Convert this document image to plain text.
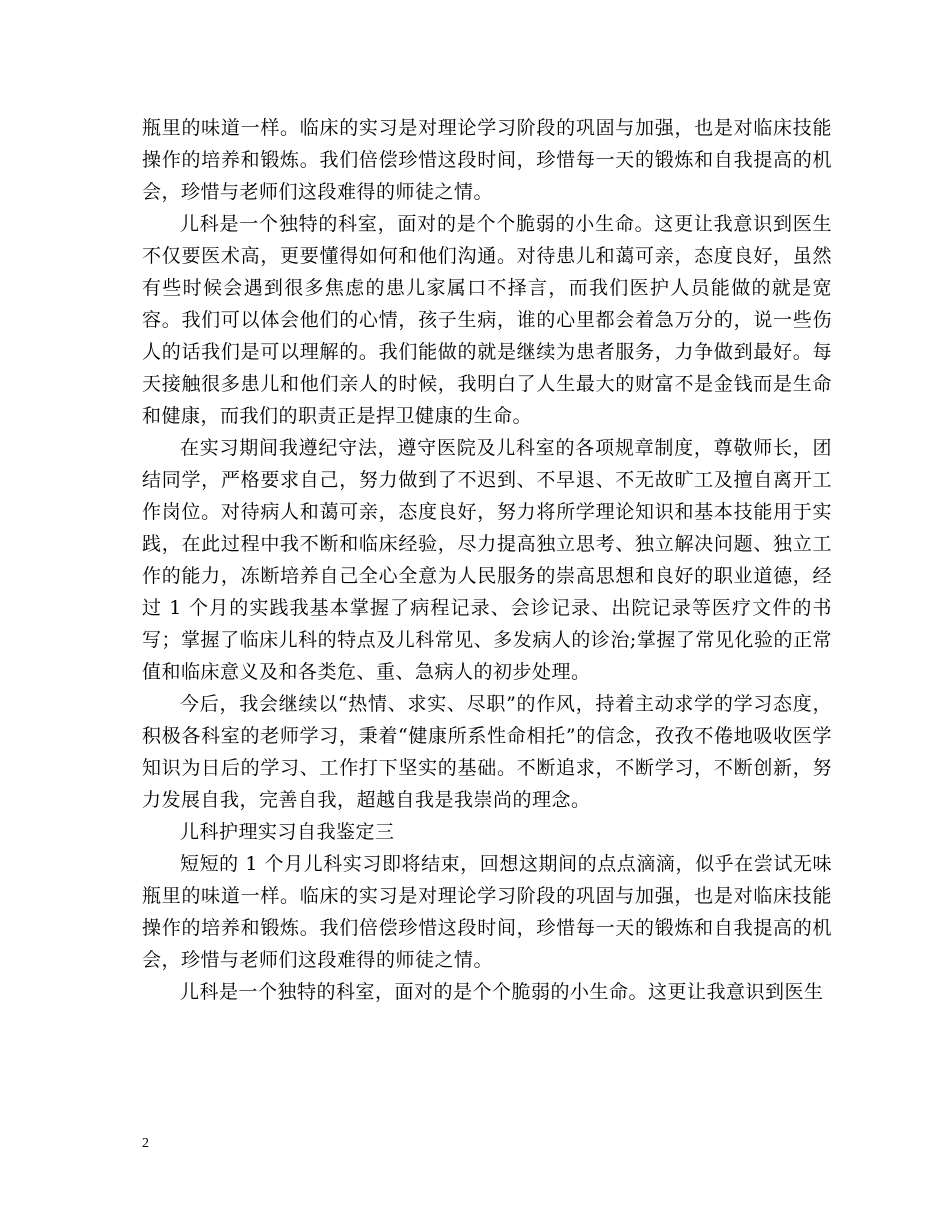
瓶里的味道一样。临床的实习是对理论学习阶段的巩固与加强，也是对临床技能操作的培养和锻炼。我们倍偿珍惜这段时间，珍惜每一天的锻炼和自我提高的机会，珍惜与老师们这段难得的师徒之情。

儿科是一个独特的科室，面对的是个个脆弱的小生命。这更让我意识到医生不仅要医术高，更要懂得如何和他们沟通。对待患儿和蔼可亲，态度良好，虽然有些时候会遇到很多焦虑的患儿家属口不择言，而我们医护人员能做的就是宽容。我们可以体会他们的心情，孩子生病，谁的心里都会着急万分的，说一些伤人的话我们是可以理解的。我们能做的就是继续为患者服务，力争做到最好。每天接触很多患儿和他们亲人的时候，我明白了人生最大的财富不是金钱而是生命和健康，而我们的职责正是捍卫健康的生命。

在实习期间我遵纪守法，遵守医院及儿科室的各项规章制度，尊敬师长，团结同学，严格要求自己，努力做到了不迟到、不早退、不无故旷工及擅自离开工作岗位。对待病人和蔼可亲，态度良好，努力将所学理论知识和基本技能用于实践，在此过程中我不断和临床经验，尽力提高独立思考、独立解决问题、独立工作的能力，冻断培养自己全心全意为人民服务的崇高思想和良好的职业道德，经过 1 个月的实践我基本掌握了病程记录、会诊记录、出院记录等医疗文件的书写；掌握了临床儿科的特点及儿科常见、多发病人的诊治;掌握了常见化验的正常值和临床意义及和各类危、重、急病人的初步处理。

今后，我会继续以“热情、求实、尽职”的作风，持着主动求学的学习态度，积极各科室的老师学习，秉着“健康所系性命相托”的信念，孜孜不倦地吸收医学知识为日后的学习、工作打下坚实的基础。不断追求，不断学习，不断创新，努力发展自我，完善自我，超越自我是我崇尚的理念。

儿科护理实习自我鉴定三

短短的 1 个月儿科实习即将结束，回想这期间的点点滴滴，似乎在尝试无味瓶里的味道一样。临床的实习是对理论学习阶段的巩固与加强，也是对临床技能操作的培养和锻炼。我们倍偿珍惜这段时间，珍惜每一天的锻炼和自我提高的机会，珍惜与老师们这段难得的师徒之情。

儿科是一个独特的科室，面对的是个个脆弱的小生命。这更让我意识到医生

2
